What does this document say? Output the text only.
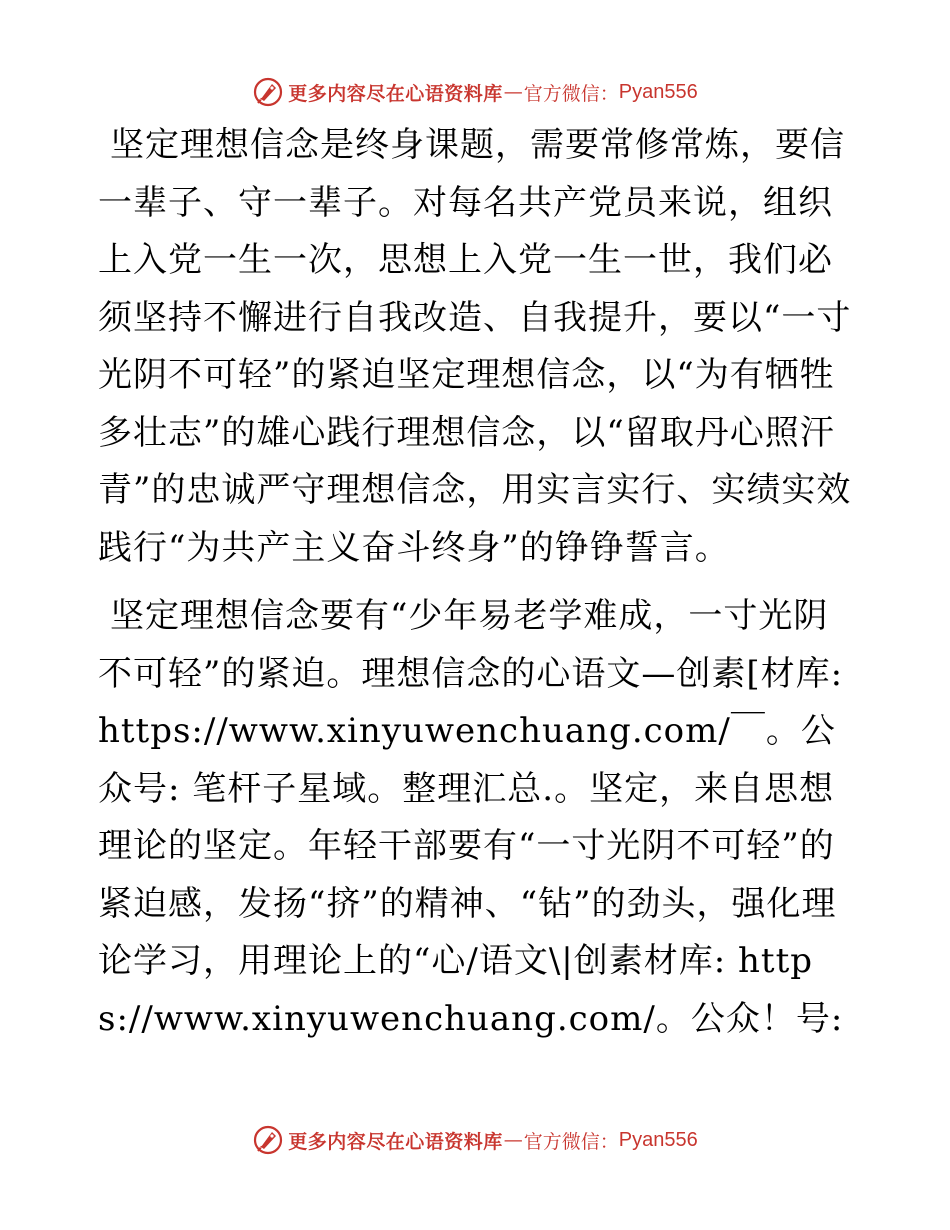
更多内容尽在心语资料库 — 官方微信： Pyan556

坚定理想信念是终身课题，需要常修常炼，要信一辈子、守一辈子。对每名共产党员来说，组织上入党一生一次，思想上入党一生一世，我们必须坚持不懈进行自我改造、自我提升，要以“一寸光阴不可轻”的紧迫坚定理想信念，以“为有牺牲多壮志”的雄心践行理想信念，以“留取丹心照汗青”的忠诚严守理想信念，用实言实行、实绩实效践行“为共产主义奋斗终身”的铮铮誓言。

坚定理想信念要有“少年易老学难成，一寸光阴不可轻”的紧迫。理想信念的心语文—创素[材库: https://www.xinyuwenchuang.com/￣。公众号: 笔杆子星域。整理汇总.。坚定，来自思想理论的坚定。年轻干部要有“一寸光阴不可轻”的紧迫感，发扬“挤”的精神、“钻”的劲头，强化理论学习，用理论上的“心/语文\|创素材库: https://www.xinyuwenchuang.com/。公众！号:

更多内容尽在心语资料库 — 官方微信： Pyan556
